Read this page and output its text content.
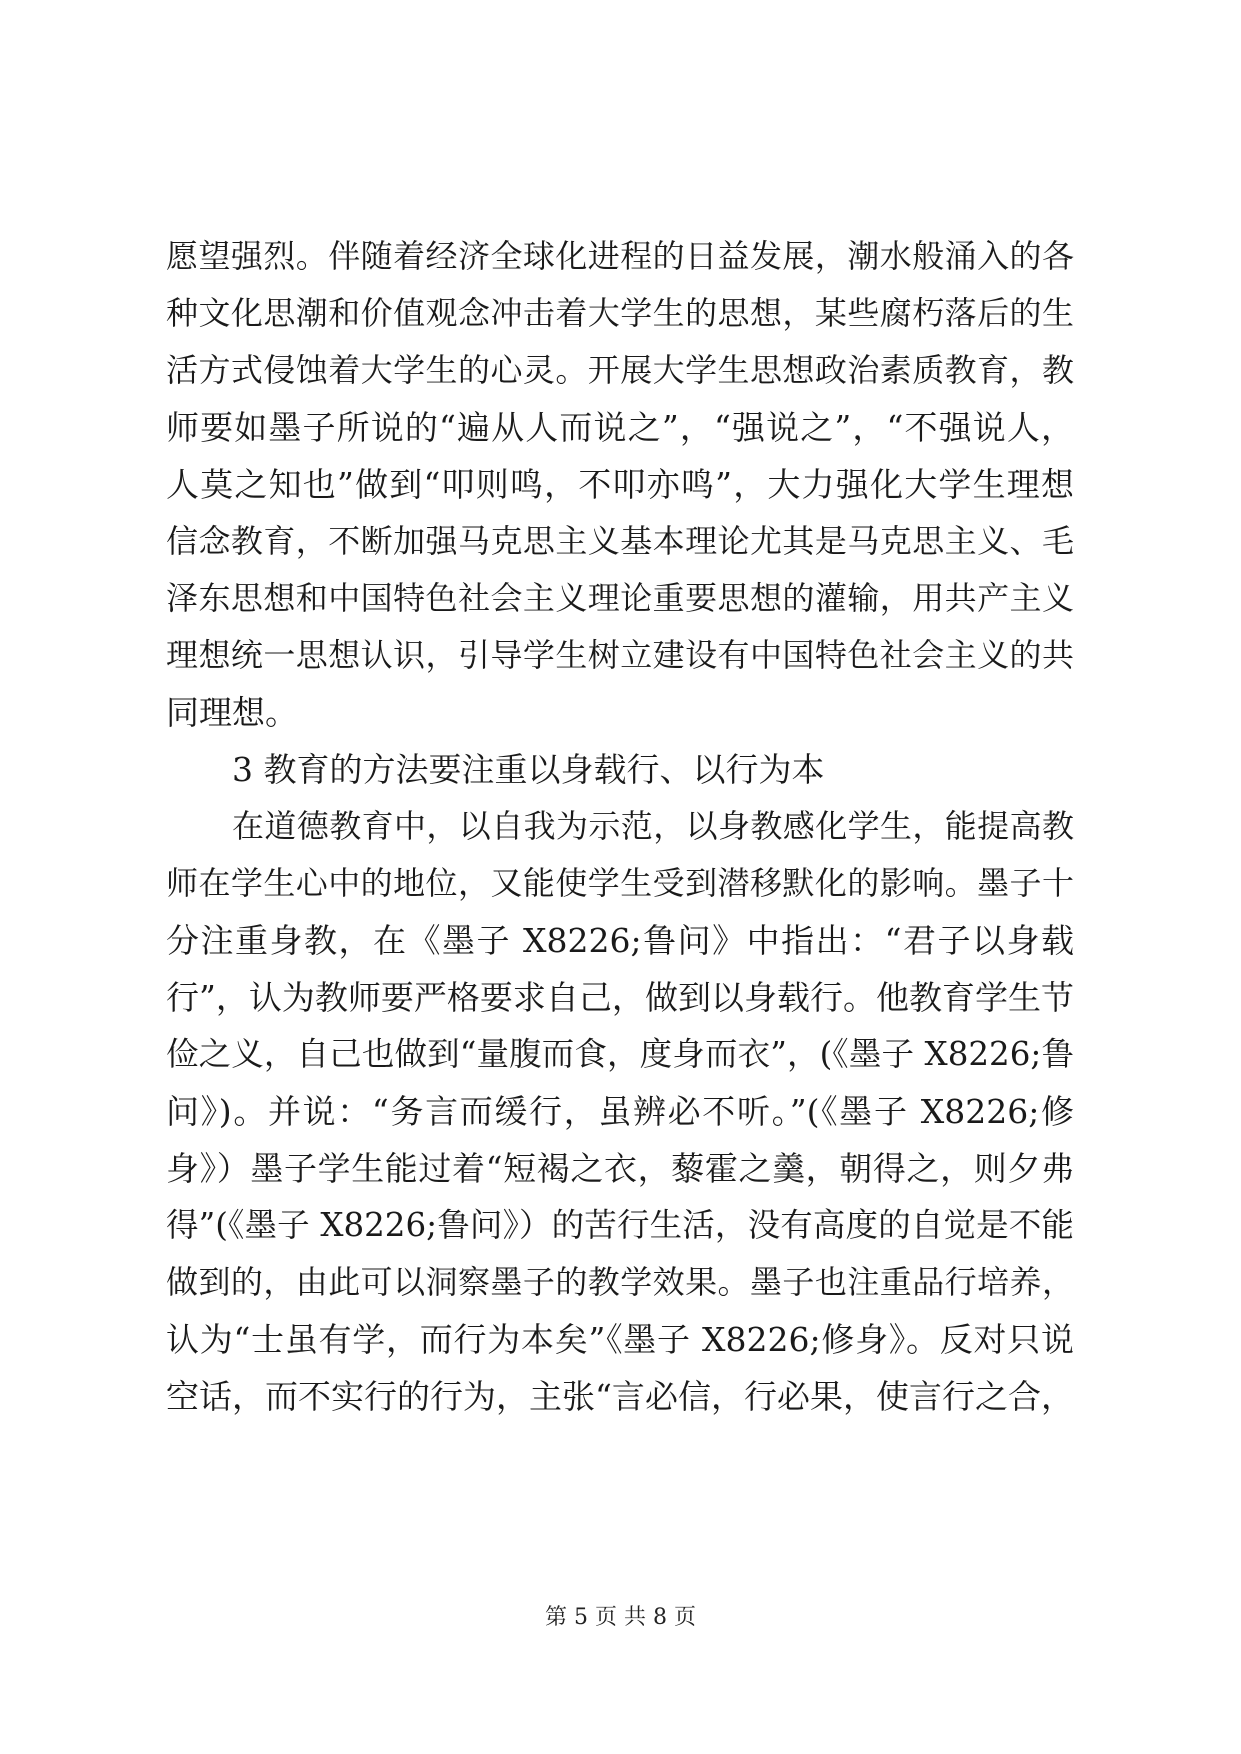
愿望强烈。伴随着经济全球化进程的日益发展，潮水般涌入的各
种文化思潮和价值观念冲击着大学生的思想，某些腐朽落后的生
活方式侵蚀着大学生的心灵。开展大学生思想政治素质教育，教
师要如墨子所说的“遍从人而说之”，“强说之”，“不强说人，
人莫之知也”做到“叩则鸣，不叩亦鸣”，大力强化大学生理想
信念教育，不断加强马克思主义基本理论尤其是马克思主义、毛
泽东思想和中国特色社会主义理论重要思想的灌输，用共产主义
理想统一思想认识，引导学生树立建设有中国特色社会主义的共
同理想。
3 教育的方法要注重以身载行、以行为本
在道德教育中，以自我为示范，以身教感化学生，能提高教
师在学生心中的地位，又能使学生受到潜移默化的影响。墨子十
分注重身教，在《墨子 X8226;鲁问》中指出：“君子以身载
行”，认为教师要严格要求自己，做到以身载行。他教育学生节
俭之义，自己也做到“量腹而食，度身而衣”，(《墨子 X8226;鲁
问》)。并说：“务言而缓行，虽辨必不听。”(《墨子 X8226;修
身》）墨子学生能过着“短褐之衣，藜霍之羹，朝得之，则夕弗
得”(《墨子 X8226;鲁问》）的苦行生活，没有高度的自觉是不能
做到的，由此可以洞察墨子的教学效果。墨子也注重品行培养，
认为“士虽有学，而行为本矣”《墨子 X8226;修身》。反对只说
空话，而不实行的行为，主张“言必信，行必果，使言行之合，
第 5 页 共 8 页
